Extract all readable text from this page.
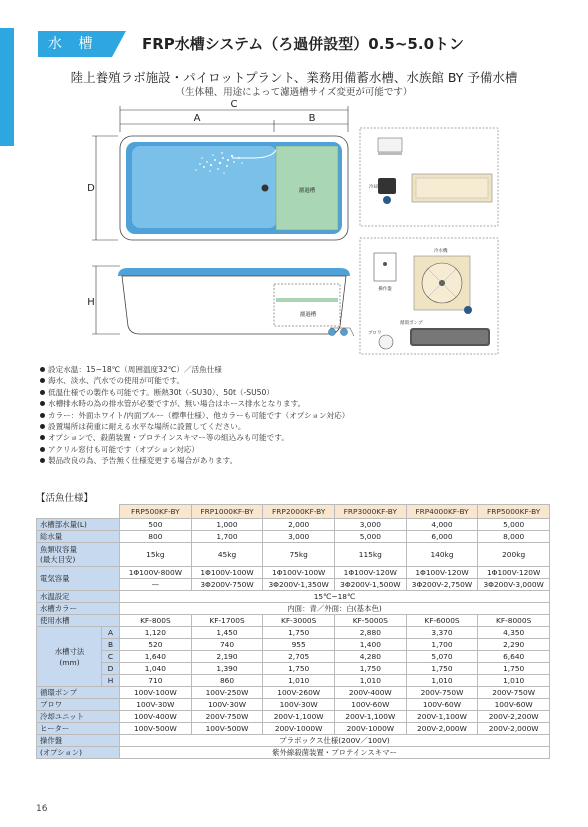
水 槽	FRP水槽システム（ろ過併設型）0.5~5.0トン
陸上養殖ラボ施設・パイロットプラント、業務用備蓄水槽、水族館 BY 予備水槽
（生体種、用途によって濾過槽サイズ変更が可能です）
C
A	B
D	濾過槽
H
濾過槽
冷却器
操作盤
冷水機
循環ポンプ
ブロワ
設定水温：15~18℃（周囲温度32℃）／活魚仕様
海水、淡水、汽水での使用が可能です。
低温仕様での製作も可能です。断熱30t（-SU30）、50t（-SU50）
水槽排水時の為の排水管が必要ですが、無い場合はホース排水となります。
カラー：外面ホワイト/内面ブルー（標準仕様）、他カラーも可能です（オプション対応）
設置場所は荷重に耐える水平な場所に設置してください。
オプションで、殺菌装置・プロテインスキマー等の組込みも可能です。
アクリル窓付も可能です（オプション対応）
製品改良の為、予告無く仕様変更する場合があります。
【活魚仕様】
		FRP500KF-BY	FRP1000KF-BY	FRP2000KF-BY	FRP3000KF-BY	FRP4000KF-BY	FRP5000KF-BY
水槽部水量(L)		500	1,000	2,000	3,000	4,000	5,000
総水量		800	1,700	3,000	5,000	6,000	8,000
魚類収容量
(最大目安)		15kg	45kg	75kg	115kg	140kg	200kg
電気容量		1Φ100V-800W	1Φ100V-100W	1Φ100V-100W	1Φ100V-120W	1Φ100V-120W	1Φ100V-120W
		—	3Φ200V-750W	3Φ200V-1,350W	3Φ200V-1,500W	3Φ200V-2,750W	3Φ200V-3,000W
水温設定		15℃~18℃					
水槽カラー		内面：青／外面：白(基本色)					
使用水槽		KF-800S	KF-1700S	KF-3000S	KF-5000S	KF-6000S	KF-8000S
水槽寸法
(mm)	A	1,120	1,450	1,750	2,880	3,370	4,350
	B	520	740	955	1,400	1,700	2,290
	C	1,640	2,190	2,705	4,280	5,070	6,640
	D	1,040	1,390	1,750	1,750	1,750	1,750
	H	710	860	1,010	1,010	1,010	1,010
循環ポンプ		100V-100W	100V-250W	100V-260W	200V-400W	200V-750W	200V-750W
ブロワ		100V-30W	100V-30W	100V-30W	100V-60W	100V-60W	100V-60W
冷却ユニット		100V-400W	200V-750W	200V-1,100W	200V-1,100W	200V-1,100W	200V-2,200W
ヒーター		100V-500W	100V-500W	200V-1000W	200V-1000W	200V-2,000W	200V-2,000W
操作盤		プラボックス仕様(200V／100V)					
(オプション)		紫外線殺菌装置・プロテインスキマー					
16
